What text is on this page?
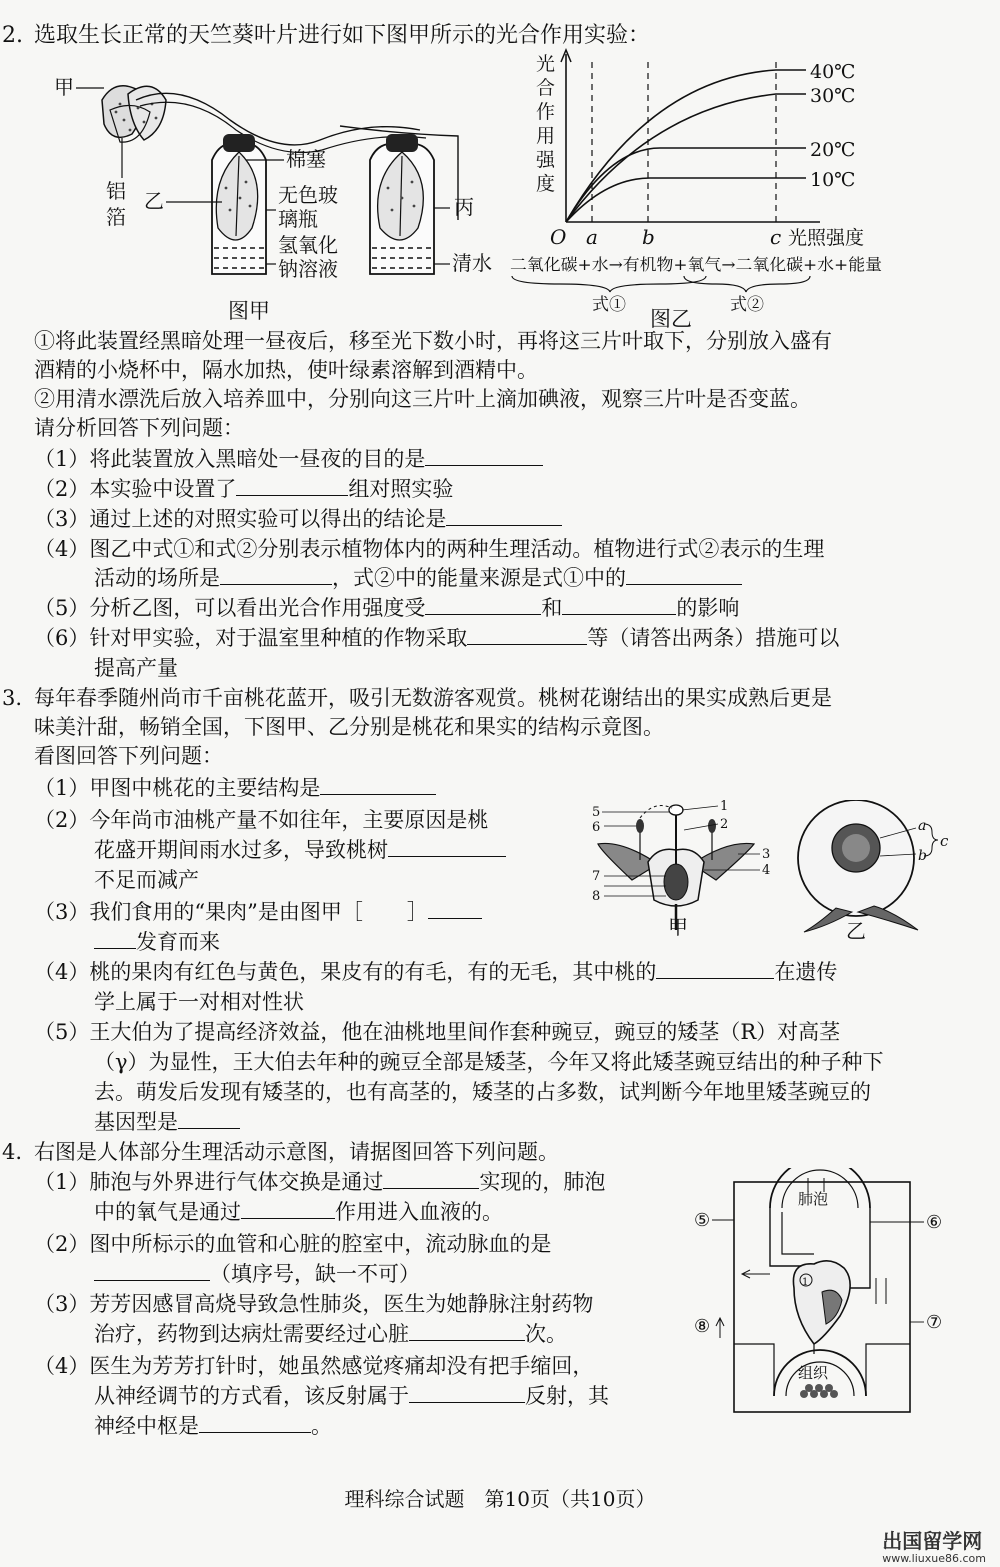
2. 选取生长正常的天竺葵叶片进行如下图甲所示的光合作用实验：
甲
铝
箔
乙
棉塞
无色玻
璃瓶
氢氧化
钠溶液
丙
清水
图甲
光
合
作
用
强
度
40℃
30℃
20℃
10℃
O a b	c 光照强度
二氧化碳+水→有机物+氧气→二氧化碳+水+能量
式①	式②
图乙
①将此装置经黑暗处理一昼夜后，移至光下数小时，再将这三片叶取下，分别放入盛有
酒精的小烧杯中，隔水加热，使叶绿素溶解到酒精中。
②用清水漂洗后放入培养皿中，分别向这三片叶上滴加碘液，观察三片叶是否变蓝。
请分析回答下列问题：
（1）将此装置放入黑暗处一昼夜的目的是
（2）本实验中设置了	组对照实验
（3）通过上述的对照实验可以得出的结论是
（4）图乙中式①和式②分别表示植物体内的两种生理活动。植物进行式②表示的生理
活动的场所是	，式②中的能量来源是式①中的
（5）分析乙图，可以看出光合作用强度受	和	的影响
（6）针对甲实验，对于温室里种植的作物采取	等（请答出两条）措施可以
提高产量
3. 每年春季随州尚市千亩桃花蓝开，吸引无数游客观赏。桃树花谢结出的果实成熟后更是
味美汁甜，畅销全国，下图甲、乙分别是桃花和果实的结构示竟图。
看图回答下列问题：
（1）甲图中桃花的主要结构是
（2）今年尚市油桃产量不如往年，主要原因是桃
花盛开期间雨水过多，导致桃树
不足而减产
（3）我们食用的“果肉”是由图甲［ ］
发育而来
5
6
1
2
3
4
7
8
甲
a
b
c
乙
（4）桃的果肉有红色与黄色，果皮有的有毛，有的无毛，其中桃的	在遗传
学上属于一对相对性状
（5）王大伯为了提高经济效益，他在油桃地里间作套种豌豆，豌豆的矮茎（R）对高茎
（γ）为显性，王大伯去年种的豌豆全部是矮茎，今年又将此矮茎豌豆结出的种子种下
去。萌发后发现有矮茎的，也有高茎的，矮茎的占多数，试判断今年地里矮茎豌豆的
基因型是
4. 右图是人体部分生理活动示意图，请据图回答下列问题。
（1）肺泡与外界进行气体交换是通过	实现的，肺泡
中的氧气是通过	作用进入血液的。
（2）图中所标示的血管和心脏的腔室中，流动脉血的是
（填序号，缺一不可）
（3）芳芳因感冒高烧导致急性肺炎，医生为她静脉注射药物
治疗，药物到达病灶需要经过心脏	次。
（4）医生为芳芳打针时，她虽然感觉疼痛却没有把手缩回，
从神经调节的方式看，该反射属于	反射，其
神经中枢是	。
肺泡
1
组织
⑤	⑥
⑧	⑦
理科综合试题　第10页（共10页）
出国留学网
www.liuxue86.com
